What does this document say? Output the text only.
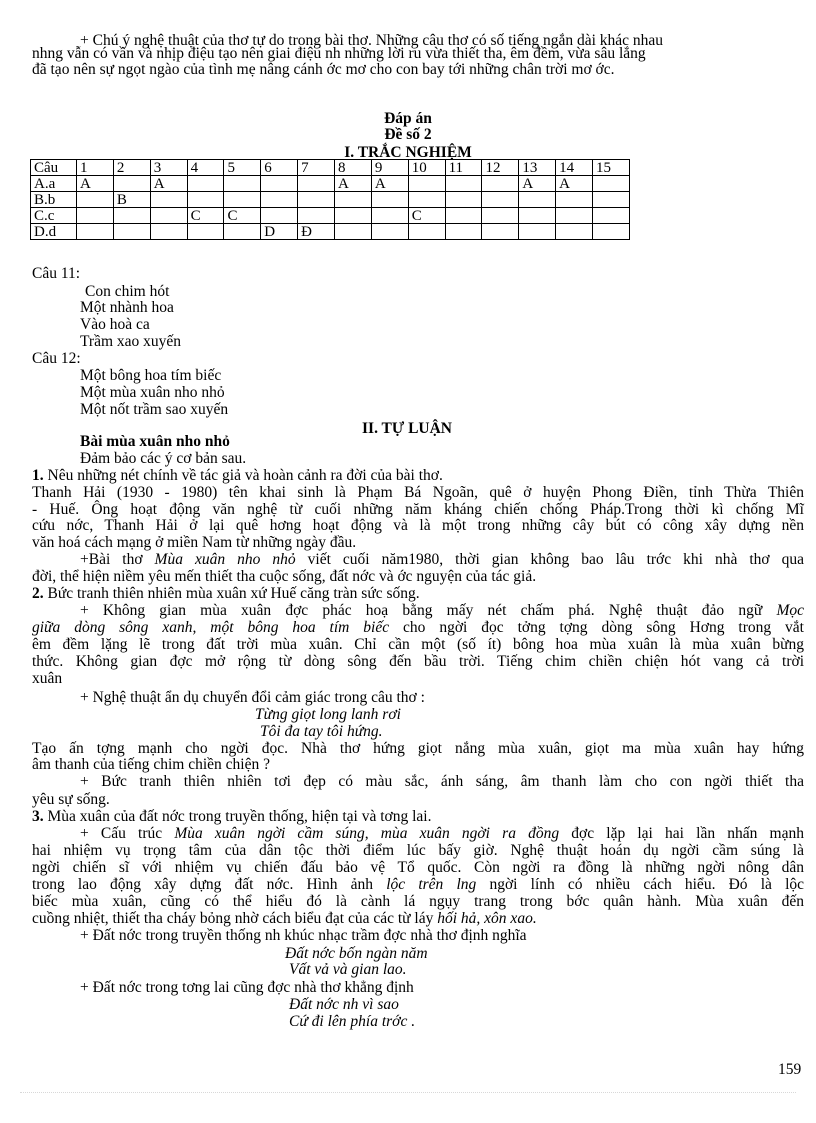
+ Chú ý nghệ thuật của thơ tự do trong bài thơ. Những câu thơ có số tiếng ngắn dài khác nhau
nhng vẫn có vần và nhịp điệu tạo nên giai điệu nh những lời ru vừa thiết tha, êm đềm, vừa sâu lắng
đã tạo nên sự ngọt ngào của tình mẹ nâng cánh ớc mơ cho con bay tới những chân trời mơ ớc.
Đáp án
Đề số 2
I. TRẮC NGHIỆM
Câu	1	2	3	4	5	6	7	8	9	10	11	12	13	14	15
A.a	A		A					A	A				A	A	
B.b		B													
C.c				C	C					C					
D.d						D	Đ								
Câu 11:
Con chim hót
Một nhành hoa
Vào hoà ca
Trầm xao xuyến
Câu 12:
Một bông hoa tím biếc
Một mùa xuân nho nhỏ
Một nốt trầm sao xuyến
II. TỰ LUẬN
Bài mùa xuân nho nhỏ
Đảm bảo các ý cơ bản sau.
1. Nêu những nét chính về tác giả và hoàn cảnh ra đời của bài thơ.
Thanh Hải (1930 - 1980) tên khai sinh là Phạm Bá Ngoãn, quê ở huyện Phong Điền, tỉnh Thừa Thiên
- Huế. Ông hoạt động văn nghệ từ cuối những năm kháng chiến chống Pháp.Trong thời kì chống Mĩ
cứu nớc, Thanh Hải ở lại quê hơng hoạt động và là một trong những cây bút có công xây dựng nền
văn hoá cách mạng ở miền Nam từ những ngày đầu.
+Bài thơ Mùa xuân nho nhỏ viết cuối năm1980, thời gian không bao lâu trớc khi nhà thơ qua
đời, thể hiện niềm yêu mến thiết tha cuộc sống, đất nớc và ớc nguyện của tác giả.
2. Bức tranh thiên nhiên mùa xuân xứ Huế căng tràn sức sống.
+ Không gian mùa xuân đợc phác hoạ bằng mấy nét chấm phá. Nghệ thuật đảo ngữ Mọc
giữa dòng sông xanh, một bông hoa tím biếc cho ngời đọc tởng tợng dòng sông Hơng trong vắt
êm đềm lặng lẽ trong đất trời mùa xuân. Chỉ cần một (số ít) bông hoa mùa xuân là mùa xuân bừng
thức. Không gian đợc mở rộng từ dòng sông đến bầu trời. Tiếng chim chiền chiện hót vang cả trời
xuân
+ Nghệ thuật ẩn dụ chuyển đổi cảm giác trong câu thơ :
Từng giọt long lanh rơi
Tôi đa tay tôi hứng.
Tạo ấn tợng mạnh cho ngời đọc. Nhà thơ hứng giọt nắng mùa xuân, giọt ma mùa xuân hay hứng
âm thanh của tiếng chim chiền chiện ?
+ Bức tranh thiên nhiên tơi đẹp có màu sắc, ánh sáng, âm thanh làm cho con ngời thiết tha
yêu sự sống.
3. Mùa xuân của đất nớc trong truyền thống, hiện tại và tơng lai.
+ Cấu trúc Mùa xuân ngời cầm súng, mùa xuân ngời ra đồng đợc lặp lại hai lần nhấn mạnh
hai nhiệm vụ trọng tâm của dân tộc thời điểm lúc bấy giờ. Nghệ thuật hoán dụ ngời cầm súng là
ngời chiến sĩ với nhiệm vụ chiến đấu bảo vệ Tổ quốc. Còn ngời ra đồng là những ngời nông dân
trong lao động xây dựng đất nớc. Hình ảnh lộc trên lng ngời lính có nhiều cách hiểu. Đó là lộc
biếc mùa xuân, cũng có thể hiểu đó là cành lá ngụy trang trong bớc quân hành. Mùa xuân đến
cuồng nhiệt, thiết tha cháy bỏng nhờ cách biểu đạt của các từ láy hối hả, xôn xao.
+ Đất nớc trong truyền thống nh khúc nhạc trầm đợc nhà thơ định nghĩa
Đất nớc bốn ngàn năm
Vất vả và gian lao.
+ Đất nớc trong tơng lai cũng đợc nhà thơ khẳng định
Đất nớc nh vì sao
Cứ đi lên phía trớc .
159
